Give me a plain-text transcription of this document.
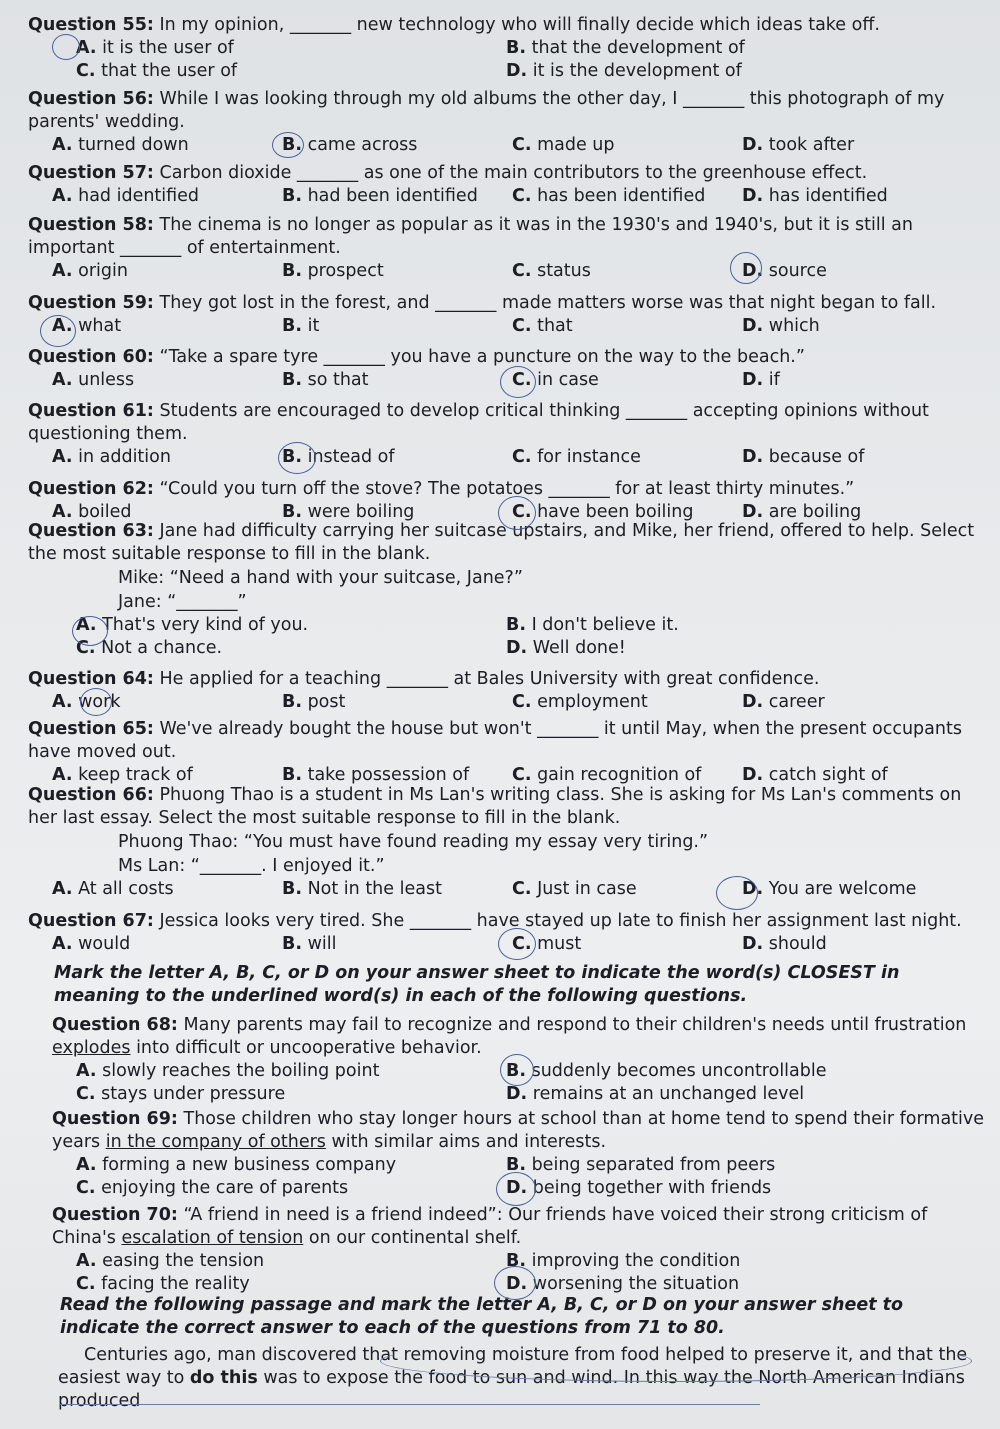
Question 55: In my opinion, _______ new technology who will finally decide which ideas take off.

A. it is the user of	B. that the development of
C. that the user of	D. it is the development of

Question 56: While I was looking through my old albums the other day, I _______ this photograph of my parents' wedding.

A. turned down	B. came across	C. made up	D. took after

Question 57: Carbon dioxide _______ as one of the main contributors to the greenhouse effect.

A. had identified	B. had been identified	C. has been identified	D. has identified

Question 58: The cinema is no longer as popular as it was in the 1930's and 1940's, but it is still an important _______ of entertainment.

A. origin	B. prospect	C. status	D. source

Question 59: They got lost in the forest, and _______ made matters worse was that night began to fall.

A. what	B. it	C. that	D. which

Question 60: “Take a spare tyre _______ you have a puncture on the way to the beach.”

A. unless	B. so that	C. in case	D. if

Question 61: Students are encouraged to develop critical thinking _______ accepting opinions without questioning them.

A. in addition	B. instead of	C. for instance	D. because of

Question 62: “Could you turn off the stove? The potatoes _______ for at least thirty minutes.”

A. boiled	B. were boiling	C. have been boiling	D. are boiling

Question 63: Jane had difficulty carrying her suitcase upstairs, and Mike, her friend, offered to help. Select the most suitable response to fill in the blank.

Mike: “Need a hand with your suitcase, Jane?”
Jane: “_______”
A. That's very kind of you.	B. I don't believe it.
C. Not a chance.	D. Well done!

Question 64: He applied for a teaching _______ at Bales University with great confidence.

A. work	B. post	C. employment	D. career

Question 65: We've already bought the house but won't _______ it until May, when the present occupants have moved out.

A. keep track of	B. take possession of	C. gain recognition of	D. catch sight of

Question 66: Phuong Thao is a student in Ms Lan's writing class. She is asking for Ms Lan's comments on her last essay. Select the most suitable response to fill in the blank.

Phuong Thao: “You must have found reading my essay very tiring.”
Ms Lan: “_______. I enjoyed it.”
A. At all costs	B. Not in the least	C. Just in case	D. You are welcome

Question 67: Jessica looks very tired. She _______ have stayed up late to finish her assignment last night.

A. would	B. will	C. must	D. should

Mark the letter A, B, C, or D on your answer sheet to indicate the word(s) CLOSEST in meaning to the underlined word(s) in each of the following questions.

Question 68: Many parents may fail to recognize and respond to their children's needs until frustration explodes into difficult or uncooperative behavior.

A. slowly reaches the boiling point	B. suddenly becomes uncontrollable
C. stays under pressure	D. remains at an unchanged level

Question 69: Those children who stay longer hours at school than at home tend to spend their formative years in the company of others with similar aims and interests.

A. forming a new business company	B. being separated from peers
C. enjoying the care of parents	D. being together with friends

Question 70: “A friend in need is a friend indeed”: Our friends have voiced their strong criticism of China's escalation of tension on our continental shelf.

A. easing the tension	B. improving the condition
C. facing the reality	D. worsening the situation

Read the following passage and mark the letter A, B, C, or D on your answer sheet to indicate the correct answer to each of the questions from 71 to 80.

Centuries ago, man discovered that removing moisture from food helped to preserve it, and that the easiest way to do this was to expose the food to sun and wind. In this way the North American Indians produced
